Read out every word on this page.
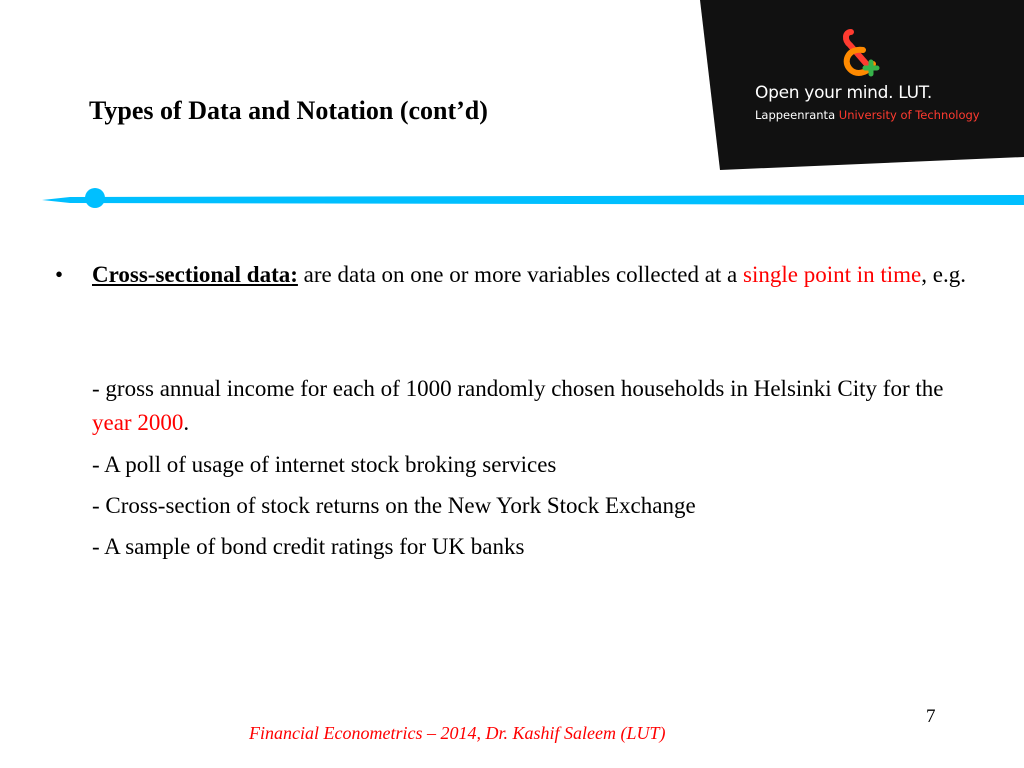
Open your mind. LUT.
Lappeenranta University of Technology
Types of Data and Notation (cont’d)
• Cross-sectional data: are data on one or more variables collected at a single point in time, e.g.
- gross annual income for each of 1000 randomly chosen households in Helsinki City for the year 2000.
- A poll of usage of internet stock broking services
- Cross-section of stock returns on the New York Stock Exchange
- A sample of bond credit ratings for UK banks
7
Financial Econometrics – 2014, Dr. Kashif Saleem (LUT)
